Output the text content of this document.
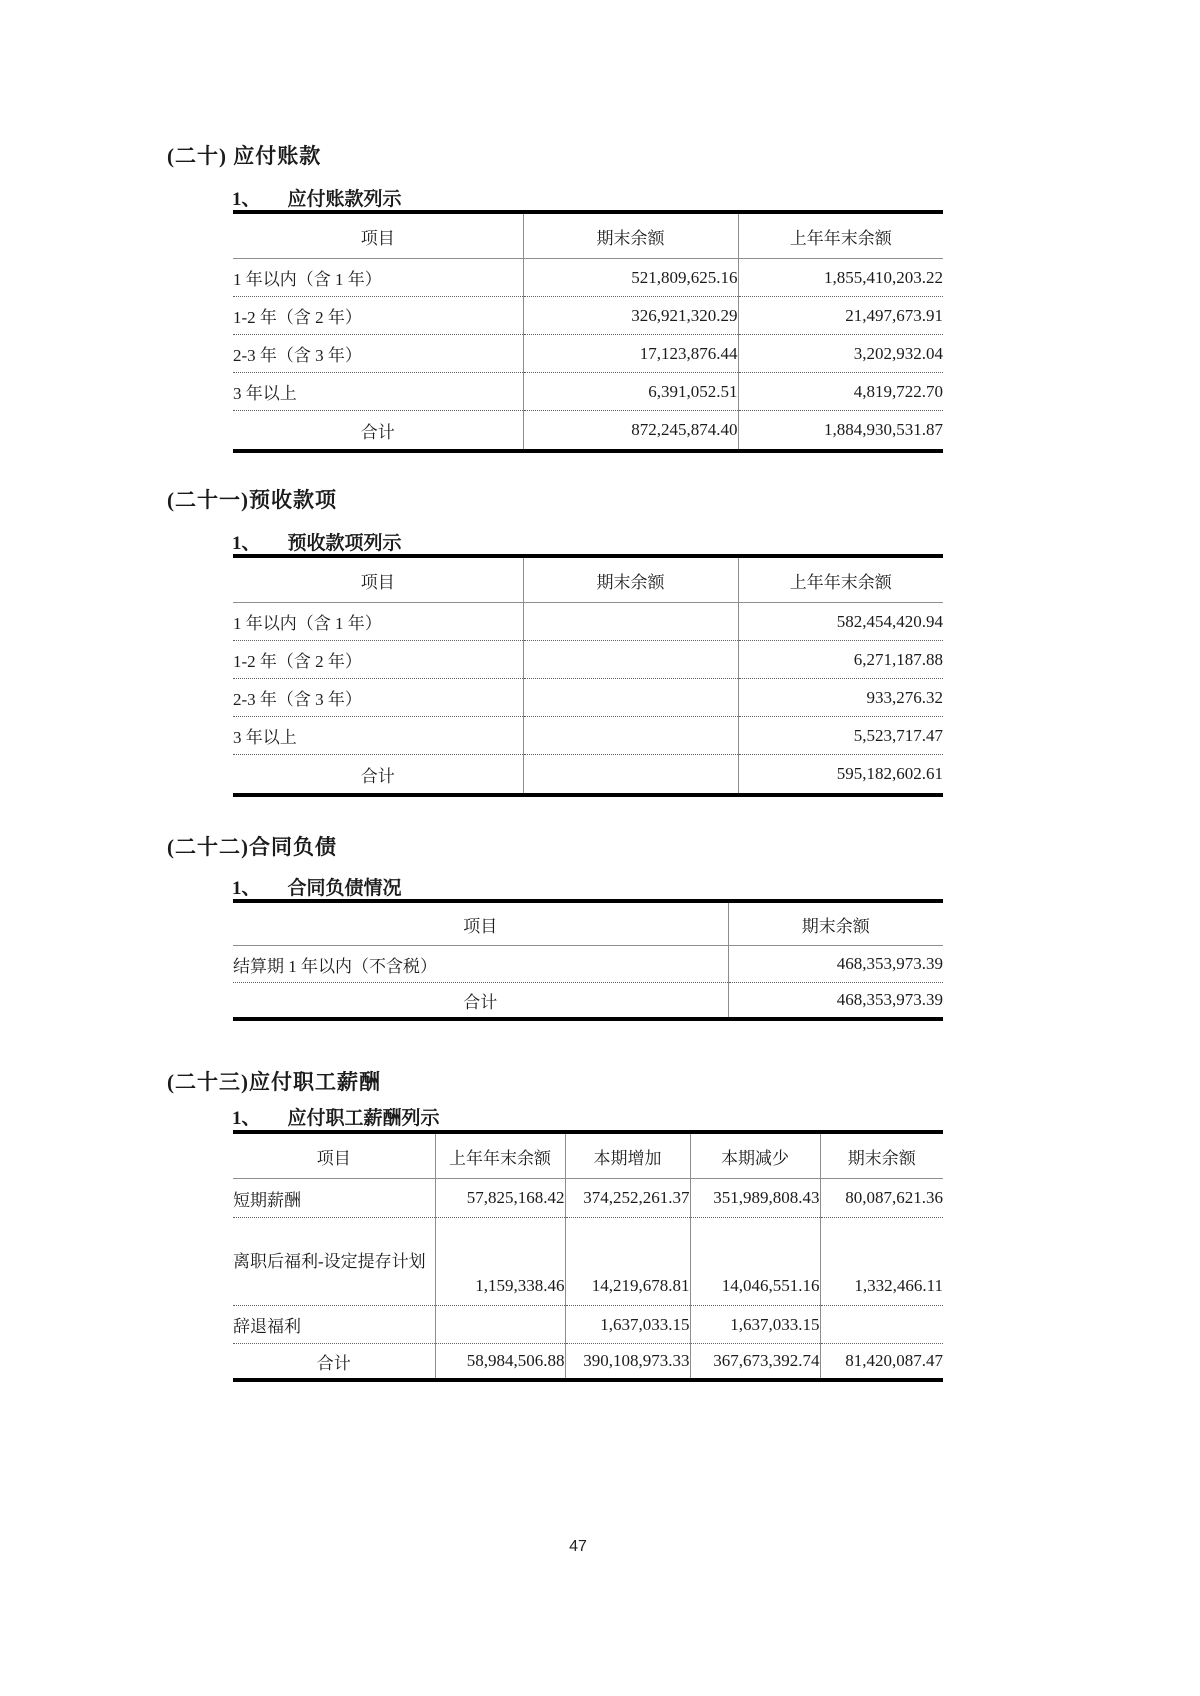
(二十) 应付账款
1、 应付账款列示
项目	期末余额	上年年末余额
1 年以内（含 1 年）	521,809,625.16	1,855,410,203.22
1-2 年（含 2 年）	326,921,320.29	21,497,673.91
2-3 年（含 3 年）	17,123,876.44	3,202,932.04
3 年以上	6,391,052.51	4,819,722.70
合计	872,245,874.40	1,884,930,531.87
(二十一)预收款项
1、 预收款项列示
项目	期末余额	上年年末余额
1 年以内（含 1 年）		582,454,420.94
1-2 年（含 2 年）		6,271,187.88
2-3 年（含 3 年）		933,276.32
3 年以上		5,523,717.47
合计		595,182,602.61
(二十二)合同负债
1、 合同负债情况
项目	期末余额
结算期 1 年以内（不含税）	468,353,973.39
合计	468,353,973.39
(二十三)应付职工薪酬
1、 应付职工薪酬列示
项目	上年年末余额	本期增加	本期减少	期末余额
短期薪酬	57,825,168.42	374,252,261.37	351,989,808.43	80,087,621.36
离职后福利-设定提存计划	1,159,338.46	14,219,678.81	14,046,551.16	1,332,466.11
辞退福利		1,637,033.15	1,637,033.15	
合计	58,984,506.88	390,108,973.33	367,673,392.74	81,420,087.47
47
